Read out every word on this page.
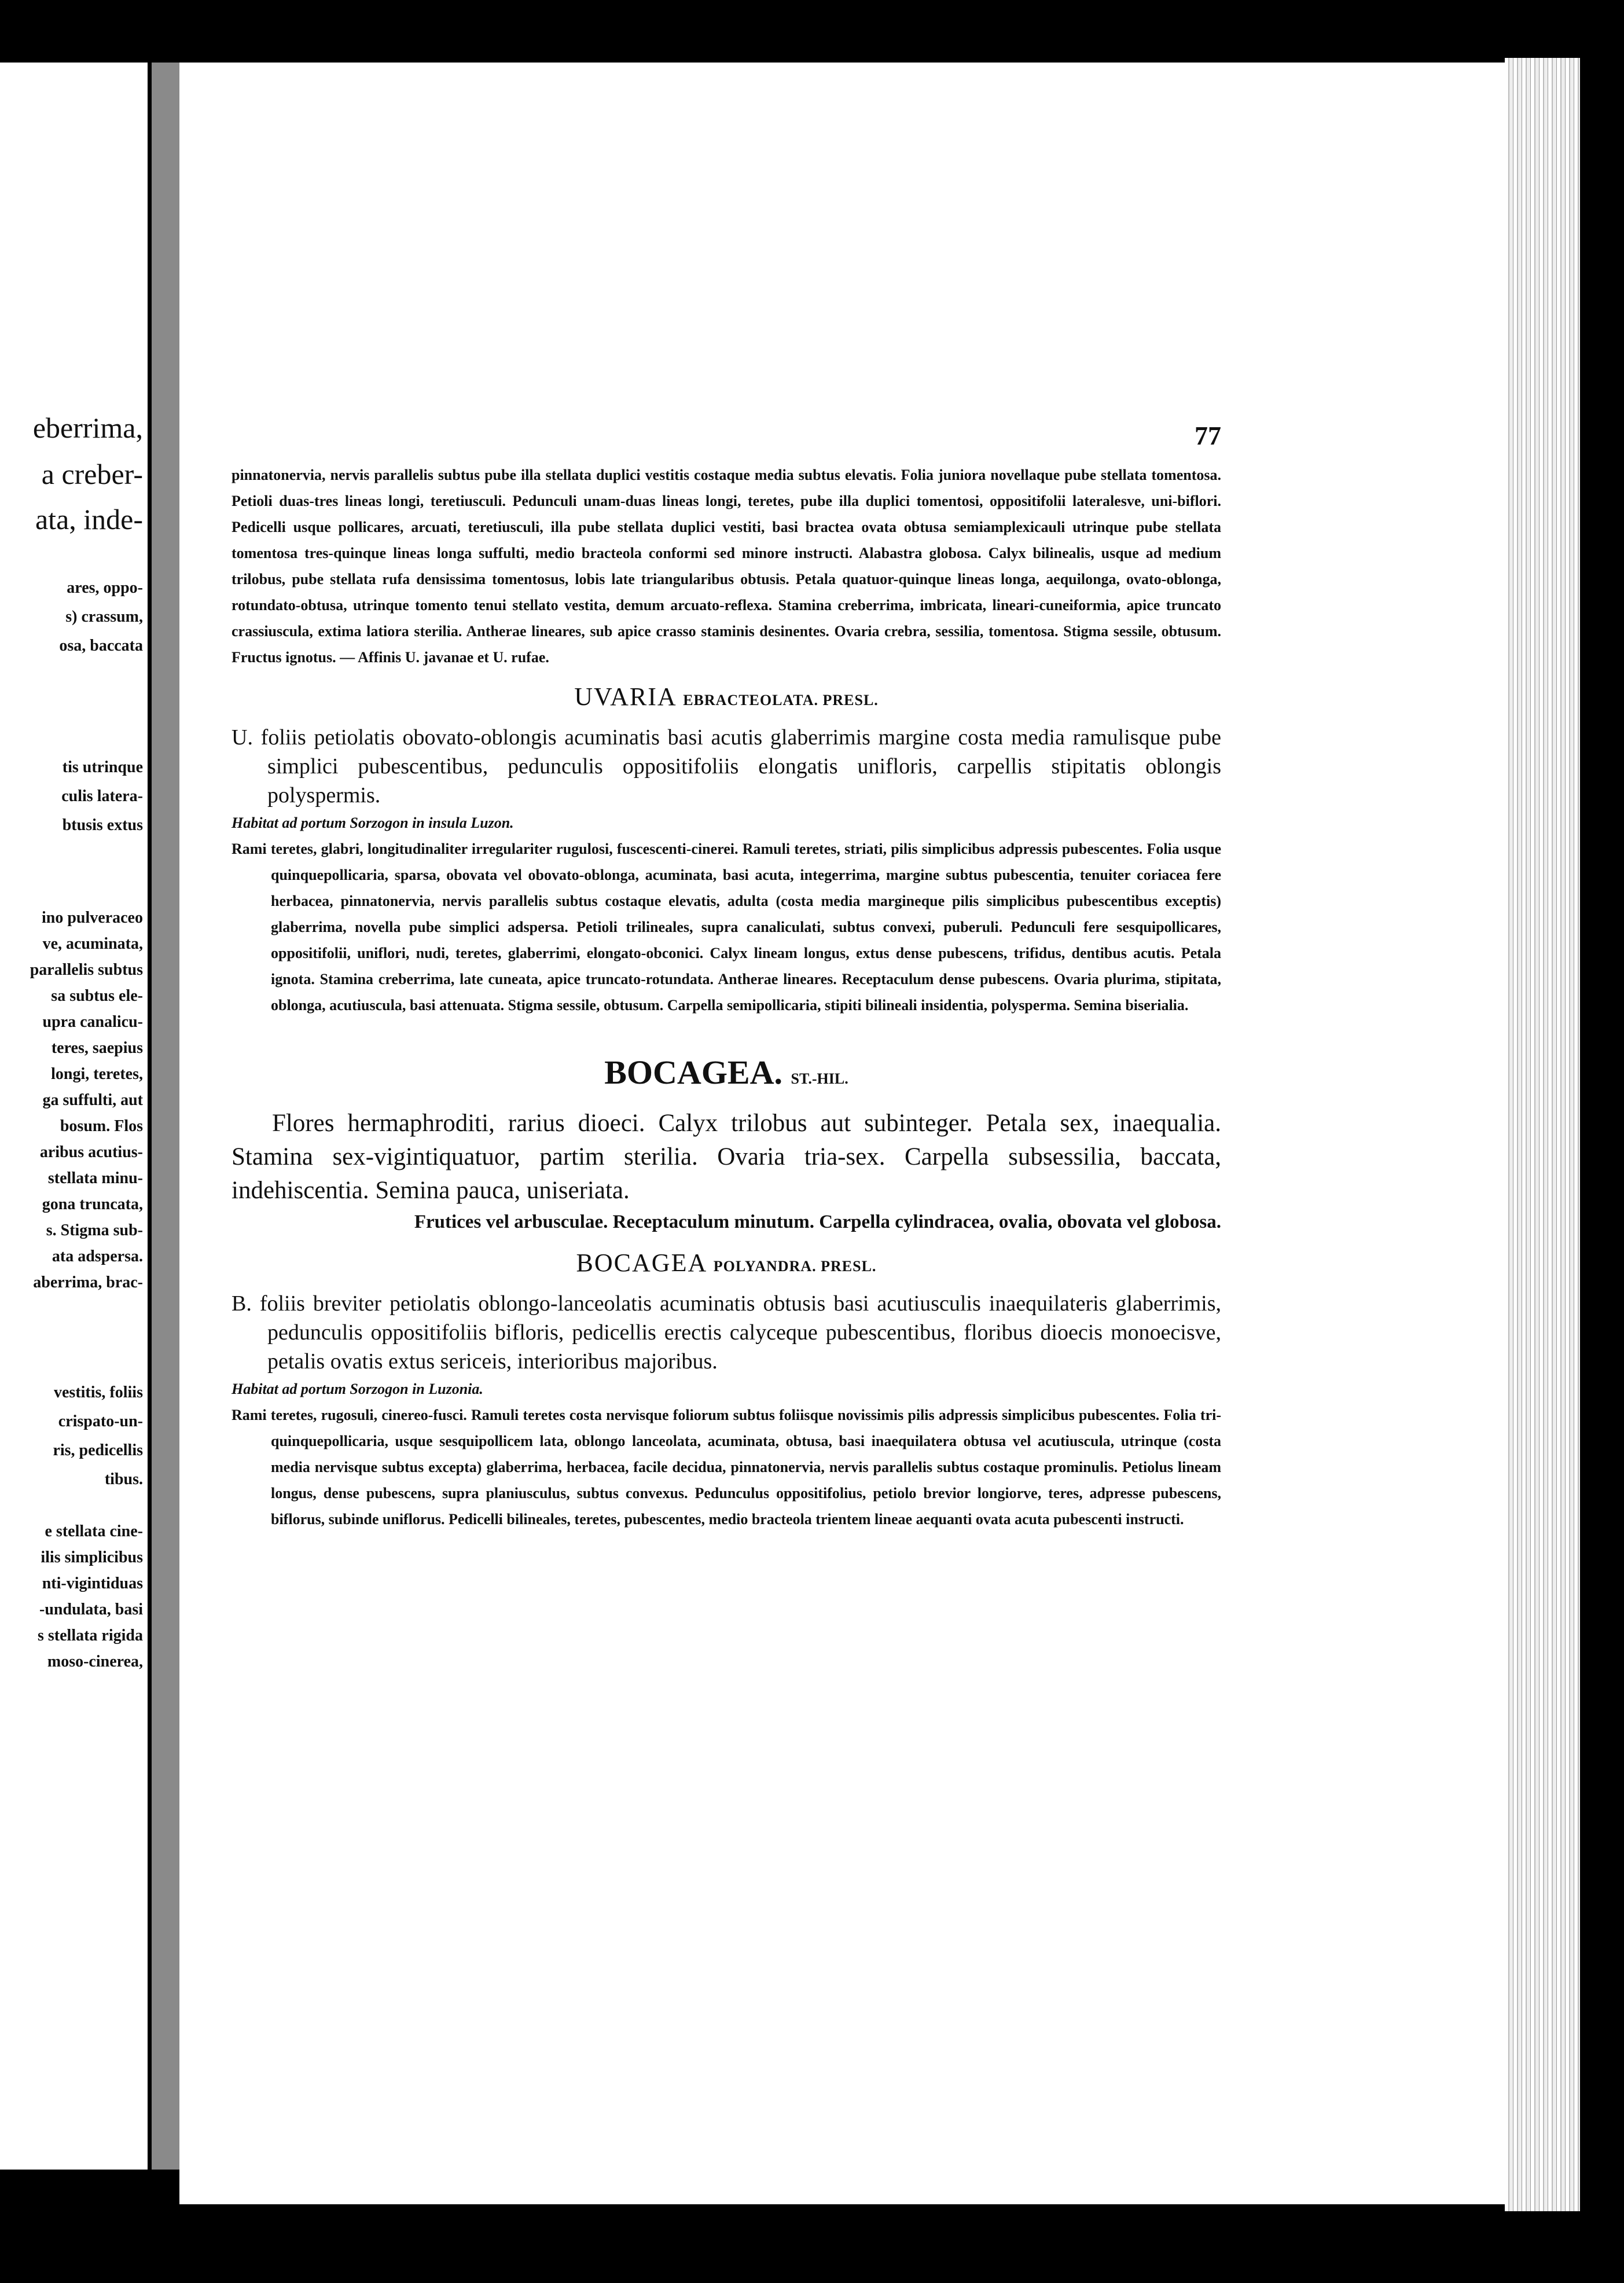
eberrima,
a creber-
ata, inde-
ares, oppo-
s) crassum,
osa, baccata
tis utrinque
culis latera-
btusis extus
ino pulveraceo
ve, acuminata,
parallelis subtus
sa subtus ele-
upra canalicu-
teres, saepius
longi, teretes,
ga suffulti, aut
bosum. Flos
aribus acutius-
stellata minu-
gona truncata,
s. Stigma sub-
ata adspersa.
aberrima, brac-
vestitis, foliis
crispato-un-
ris, pedicellis
tibus.
e stellata cine-
ilis simplicibus
nti-vigintiduas
-undulata, basi
s stellata rigida
moso-cinerea,
77

pinnatonervia, nervis parallelis subtus pube illa stellata duplici vestitis costaque media subtus elevatis. Folia juniora novellaque pube stellata tomentosa. Petioli duas-tres lineas longi, teretiusculi. Pedunculi unam-duas lineas longi, teretes, pube illa duplici tomentosi, oppositifolii lateralesve, uni-biflori. Pedicelli usque pollicares, arcuati, teretiusculi, illa pube stellata duplici vestiti, basi bractea ovata obtusa semiamplexicauli utrinque pube stellata tomentosa tres-quinque lineas longa suffulti, medio bracteola conformi sed minore instructi. Alabastra globosa. Calyx bilinealis, usque ad medium trilobus, pube stellata rufa densissima tomentosus, lobis late triangularibus obtusis. Petala quatuor-quinque lineas longa, aequilonga, ovato-oblonga, rotundato-obtusa, utrinque tomento tenui stellato vestita, demum arcuato-reflexa. Stamina creberrima, imbricata, lineari-cuneiformia, apice truncato crassiuscula, extima latiora sterilia. Antherae lineares, sub apice crasso staminis desinentes. Ovaria crebra, sessilia, tomentosa. Stigma sessile, obtusum. Fructus ignotus. — Affinis U. javanae et U. rufae.

UVARIA EBRACTEOLATA. PRESL.

U. foliis petiolatis obovato-oblongis acuminatis basi acutis glaberrimis margine costa media ramulisque pube simplici pubescentibus, pedunculis oppositifoliis elongatis unifloris, carpellis stipitatis oblongis polyspermis.

Habitat ad portum Sorzogon in insula Luzon.

Rami teretes, glabri, longitudinaliter irregulariter rugulosi, fuscescenti-cinerei. Ramuli teretes, striati, pilis simplicibus adpressis pubescentes. Folia usque quinquepollicaria, sparsa, obovata vel obovato-oblonga, acuminata, basi acuta, integerrima, margine subtus pubescentia, tenuiter coriacea fere herbacea, pinnatonervia, nervis parallelis subtus costaque elevatis, adulta (costa media margineque pilis simplicibus pubescentibus exceptis) glaberrima, novella pube simplici adspersa. Petioli trilineales, supra canaliculati, subtus convexi, puberuli. Pedunculi fere sesquipollicares, oppositifolii, uniflori, nudi, teretes, glaberrimi, elongato-obconici. Calyx lineam longus, extus dense pubescens, trifidus, dentibus acutis. Petala ignota. Stamina creberrima, late cuneata, apice truncato-rotundata. Antherae lineares. Receptaculum dense pubescens. Ovaria plurima, stipitata, oblonga, acutiuscula, basi attenuata. Stigma sessile, obtusum. Carpella semipollicaria, stipiti bilineali insidentia, polysperma. Semina biserialia.

BOCAGEA. ST.-HIL.

Flores hermaphroditi, rarius dioeci. Calyx trilobus aut subinteger. Petala sex, inaequalia. Stamina sex-vigintiquatuor, partim sterilia. Ovaria tria-sex. Carpella subsessilia, baccata, indehiscentia. Semina pauca, uniseriata.

Frutices vel arbusculae. Receptaculum minutum. Carpella cylindracea, ovalia, obovata vel globosa.

BOCAGEA POLYANDRA. PRESL.

B. foliis breviter petiolatis oblongo-lanceolatis acuminatis obtusis basi acutiusculis inaequilateris glaberrimis, pedunculis oppositifoliis bifloris, pedicellis erectis calyceque pubescentibus, floribus dioecis monoecisve, petalis ovatis extus sericeis, interioribus majoribus.

Habitat ad portum Sorzogon in Luzonia.

Rami teretes, rugosuli, cinereo-fusci. Ramuli teretes costa nervisque foliorum subtus foliisque novissimis pilis adpressis simplicibus pubescentes. Folia tri-quinquepollicaria, usque sesquipollicem lata, oblongo lanceolata, acuminata, obtusa, basi inaequilatera obtusa vel acutiuscula, utrinque (costa media nervisque subtus excepta) glaberrima, herbacea, facile decidua, pinnatonervia, nervis parallelis subtus costaque prominulis. Petiolus lineam longus, dense pubescens, supra planiusculus, subtus convexus. Pedunculus oppositifolius, petiolo brevior longiorve, teres, adpresse pubescens, biflorus, subinde uniflorus. Pedicelli bilineales, teretes, pubescentes, medio bracteola trientem lineae aequanti ovata acuta pubescenti instructi.
